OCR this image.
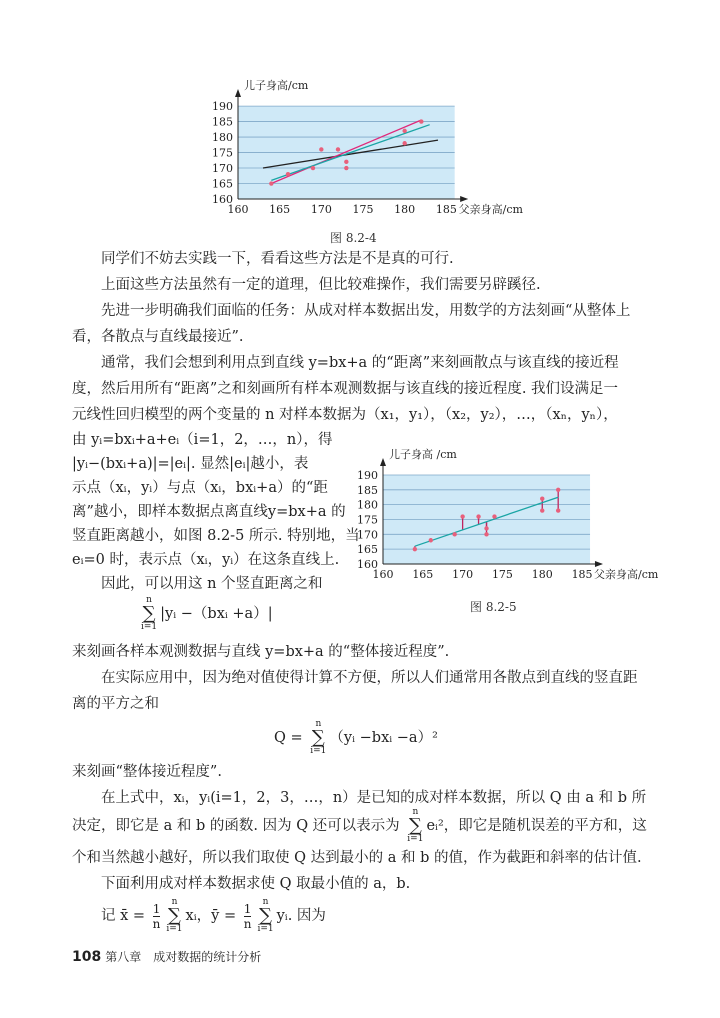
160 165 170 175 180 185
160
165
170
175
180
185
190
儿子身高/cm
父亲身高/cm
图 8.2-4

同学们不妨去实践一下，看看这些方法是不是真的可行.

上面这些方法虽然有一定的道理，但比较难操作，我们需要另辟蹊径.

先进一步明确我们面临的任务：从成对样本数据出发，用数学的方法刻画“从整体上

看，各散点与直线最接近”.

通常，我们会想到利用点到直线 y=bx+a 的“距离”来刻画散点与该直线的接近程

度，然后用所有“距离”之和刻画所有样本观测数据与该直线的接近程度. 我们设满足一

元线性回归模型的两个变量的 n 对样本数据为（x₁，y₁），（x₂，y₂），…，（xₙ，yₙ），

由 yᵢ=bxᵢ+a+eᵢ（i=1，2，…，n），得
|yᵢ−(bxᵢ+a)|=|eᵢ|. 显然|eᵢ|越小，表
示点（xᵢ，yᵢ）与点（xᵢ，bxᵢ+a）的“距
离”越小，即样本数据点离直线y=bx+a 的
竖直距离越小，如图 8.2-5 所示. 特别地，当
eᵢ=0 时，表示点（xᵢ，yᵢ）在这条直线上.
因此，可以用这 n 个竖直距离之和
160 165 170 175 180 185
160
165
170
175
180
185
190
儿子身高 /cm
父亲身高/cm
图 8.2-5
n
∑
i=1
|yᵢ −（bxᵢ +a）|

来刻画各样本观测数据与直线 y=bx+a 的“整体接近程度”.

在实际应用中，因为绝对值使得计算不方便，所以人们通常用各散点到直线的竖直距

离的平方之和

Q =
n
∑
i=1
（yᵢ −bxᵢ −a）²

来刻画“整体接近程度”.

在上式中，xᵢ，yᵢ(i=1，2，3，…，n）是已知的成对样本数据，所以 Q 由 a 和 b 所

决定，即它是 a 和 b 的函数. 因为 Q 还可以表示为
n
∑
i=1
eᵢ²，即它是随机误差的平方和，这

个和当然越小越好，所以我们取使 Q 达到最小的 a 和 b 的值，作为截距和斜率的估计值.

下面利用成对样本数据求使 Q 取最小值的 a，b.

记 x̄ = $\frac{1}{n}$	n
∑
i=1
xᵢ，ȳ = $\frac{1}{n}$	n
∑
i=1
yᵢ. 因为
108 第八章　成对数据的统计分析
